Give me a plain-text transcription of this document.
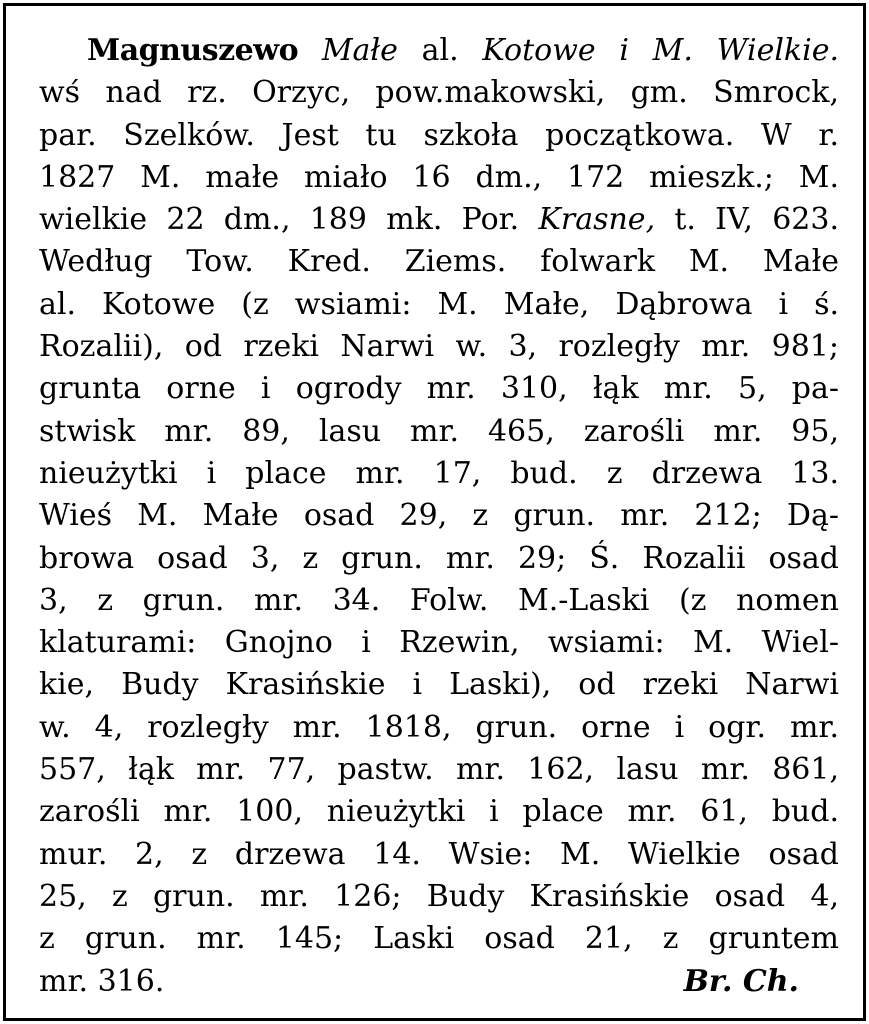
Magnuszewo Małe al. Kotowe i M. Wielkie.
wś nad rz. Orzyc, pow.makowski, gm. Smrock,
par. Szelków. Jest tu szkoła początkowa. W r.
1827 M. małe miało 16 dm., 172 mieszk.; M.
wielkie 22 dm., 189 mk. Por. Krasne, t. IV, 623.
Według Tow. Kred. Ziems. folwark M. Małe
al. Kotowe (z wsiami: M. Małe, Dąbrowa i ś.
Rozalii), od rzeki Narwi w. 3, rozległy mr. 981;
grunta orne i ogrody mr. 310, łąk mr. 5, pa-
stwisk mr. 89, lasu mr. 465, zarośli mr. 95,
nieużytki i place mr. 17, bud. z drzewa 13.
Wieś M. Małe osad 29, z grun. mr. 212; Dą-
browa osad 3, z grun. mr. 29; Ś. Rozalii osad
3, z grun. mr. 34. Folw. M.-Laski (z nomen
klaturami: Gnojno i Rzewin, wsiami: M. Wiel-
kie, Budy Krasińskie i Laski), od rzeki Narwi
w. 4, rozległy mr. 1818, grun. orne i ogr. mr.
557, łąk mr. 77, pastw. mr. 162, lasu mr. 861,
zarośli mr. 100, nieużytki i place mr. 61, bud.
mur. 2, z drzewa 14. Wsie: M. Wielkie osad
25, z grun. mr. 126; Budy Krasińskie osad 4,
z grun. mr. 145; Laski osad 21, z gruntem
mr. 316.	Br. Ch.
